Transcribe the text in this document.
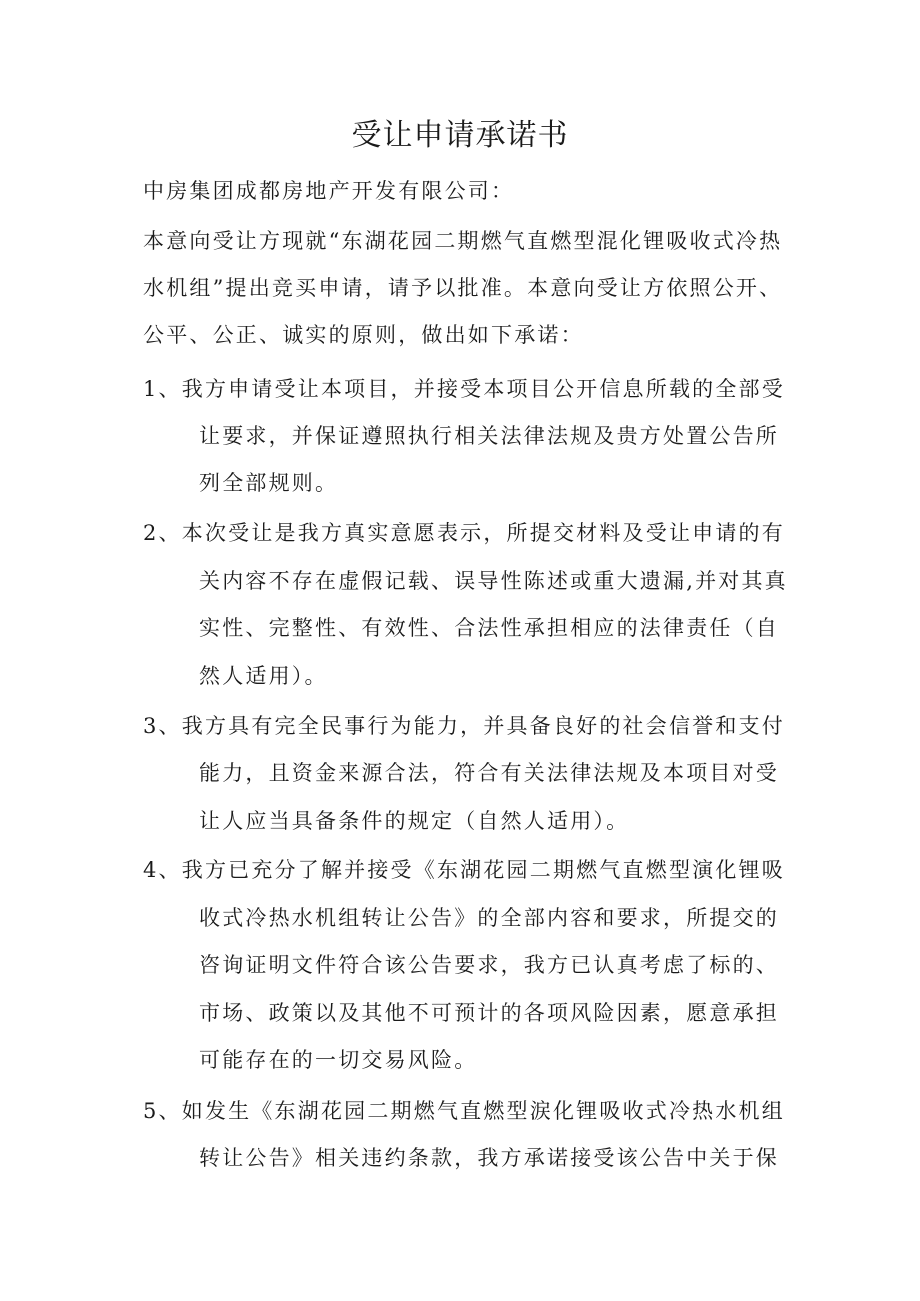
受让申请承诺书

中房集团成都房地产开发有限公司：

本意向受让方现就“东湖花园二期燃气直燃型混化锂吸收式冷热

水机组”提出竞买申请，请予以批准。本意向受让方依照公开、

公平、公正、诚实的原则，做出如下承诺：

1、我方申请受让本项目，并接受本项目公开信息所载的全部受

让要求，并保证遵照执行相关法律法规及贵方处置公告所

列全部规则。

2、本次受让是我方真实意愿表示，所提交材料及受让申请的有

关内容不存在虚假记载、误导性陈述或重大遗漏,并对其真

实性、完整性、有效性、合法性承担相应的法律责任（自

然人适用）。

3、我方具有完全民事行为能力，并具备良好的社会信誉和支付

能力，且资金来源合法，符合有关法律法规及本项目对受

让人应当具备条件的规定（自然人适用）。

4、我方已充分了解并接受《东湖花园二期燃气直燃型演化锂吸

收式冷热水机组转让公告》的全部内容和要求，所提交的

咨询证明文件符合该公告要求，我方已认真考虑了标的、

市场、政策以及其他不可预计的各项风险因素，愿意承担

可能存在的一切交易风险。

5、如发生《东湖花园二期燃气直燃型涙化锂吸收式冷热水机组

转让公告》相关违约条款，我方承诺接受该公告中关于保
